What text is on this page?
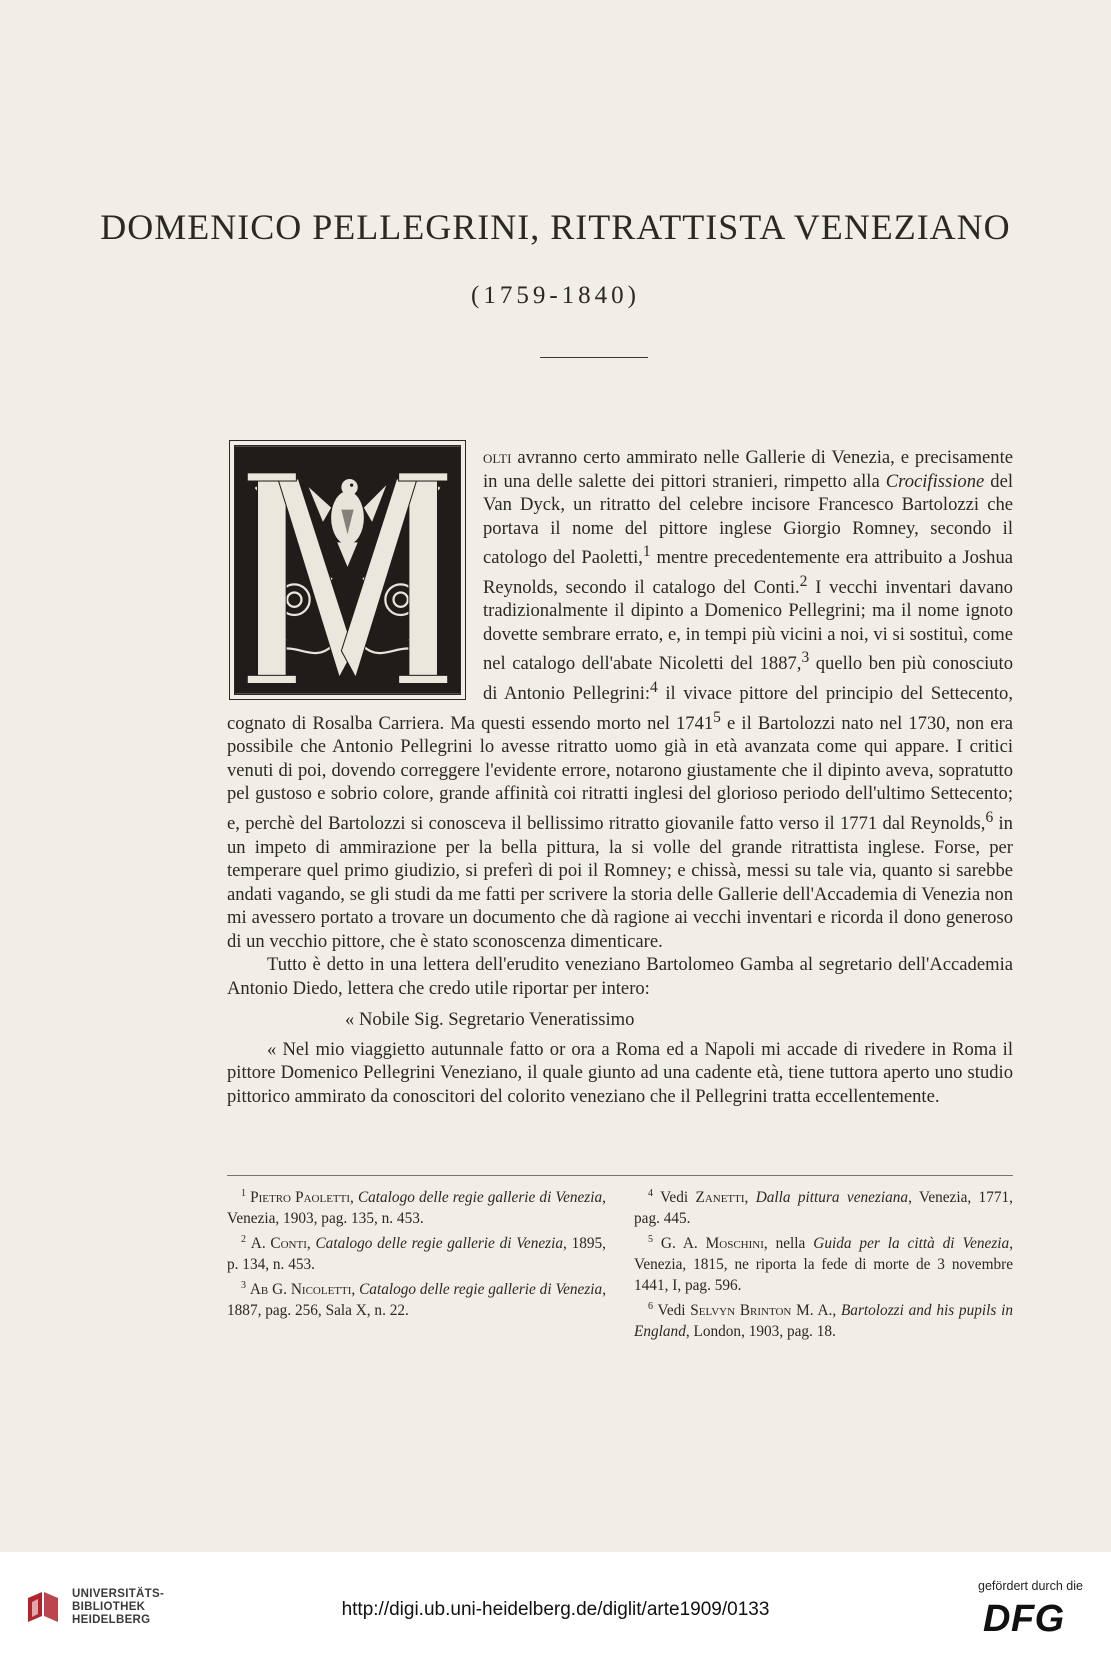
DOMENICO PELLEGRINI, RITRATTISTA VENEZIANO
(1759-1840)

olti avranno certo ammirato nelle Gallerie di Venezia, e precisamente in una delle salette dei pittori stranieri, rimpetto alla Crocifissione del Van Dyck, un ritratto del celebre incisore Francesco Bartolozzi che portava il nome del pittore inglese Giorgio Romney, secondo il catologo del Paoletti,$^1$ mentre precedentemente era attribuito a Joshua Reynolds, secondo il catalogo del Conti.$^2$ I vecchi inventari davano tradizionalmente il dipinto a Domenico Pellegrini; ma il nome ignoto dovette sembrare errato, e, in tempi più vicini a noi, vi si sostituì, come nel catalogo dell'abate Nicoletti del 1887,$^3$ quello ben più conosciuto di Antonio Pellegrini:$^4$ il vivace pittore del principio del Settecento, cognato di Rosalba Carriera. Ma questi essendo morto nel 1741$^5$ e il Bartolozzi nato nel 1730, non era possibile che Antonio Pellegrini lo avesse ritratto uomo già in età avanzata come qui appare. I critici venuti di poi, dovendo correggere l'evidente errore, notarono giustamente che il dipinto aveva, sopratutto pel gustoso e sobrio colore, grande affinità coi ritratti inglesi del glorioso periodo dell'ultimo Settecento; e, perchè del Bartolozzi si conosceva il bellissimo ritratto giovanile fatto verso il 1771 dal Reynolds,$^6$ in un impeto di ammirazione per la bella pittura, la si volle del grande ritrattista inglese. Forse, per temperare quel primo giudizio, si preferì di poi il Romney; e chissà, messi su tale via, quanto si sarebbe andati vagando, se gli studi da me fatti per scrivere la storia delle Gallerie dell'Accademia di Venezia non mi avessero portato a trovare un documento che dà ragione ai vecchi inventari e ricorda il dono generoso di un vecchio pittore, che è stato sconoscenza dimenticare.

Tutto è detto in una lettera dell'erudito veneziano Bartolomeo Gamba al segretario dell'Accademia Antonio Diedo, lettera che credo utile riportar per intero:

« Nobile Sig. Segretario Veneratissimo

« Nel mio viaggietto autunnale fatto or ora a Roma ed a Napoli mi accade di rivedere in Roma il pittore Domenico Pellegrini Veneziano, il quale giunto ad una cadente età, tiene tuttora aperto uno studio pittorico ammirato da conoscitori del colorito veneziano che il Pellegrini tratta eccellentemente.

$^1$ Pietro Paoletti, Catalogo delle regie gallerie di Venezia, Venezia, 1903, pag. 135, n. 453.

$^2$ A. Conti, Catalogo delle regie gallerie di Venezia, 1895, p. 134, n. 453.

$^3$ Ab G. Nicoletti, Catalogo delle regie gallerie di Venezia, 1887, pag. 256, Sala X, n. 22.

$^4$ Vedi Zanetti, Dalla pittura veneziana, Venezia, 1771, pag. 445.

$^5$ G. A. Moschini, nella Guida per la città di Venezia, Venezia, 1815, ne riporta la fede di morte de 3 novembre 1441, I, pag. 596.

$^6$ Vedi Selvyn Brinton M. A., Bartolozzi and his pupils in England, London, 1903, pag. 18.

UNIVERSITÄTS-
BIBLIOTHEK
HEIDELBERG	http://digi.ub.uni-heidelberg.de/diglit/arte1909/0133
gefördert durch die
DFG
